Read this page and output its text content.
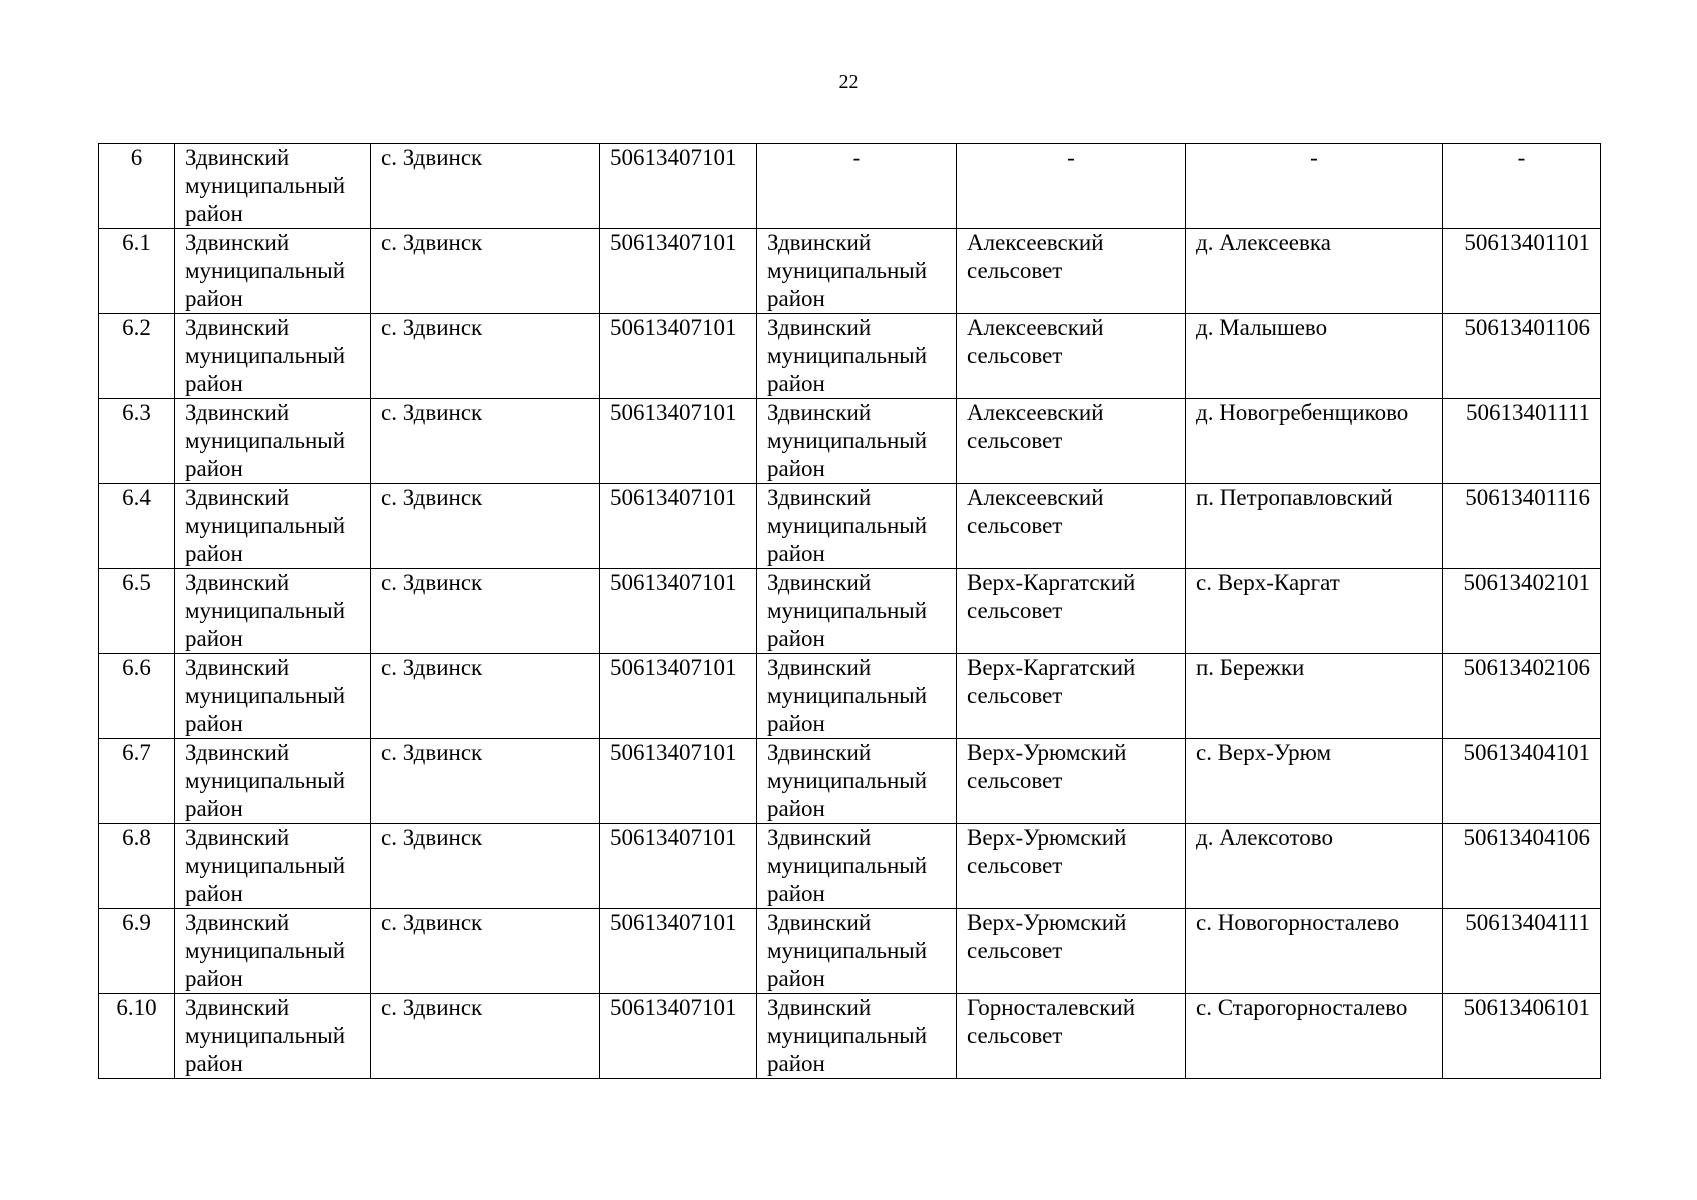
22
6	Здвинский муниципальный район	с. Здвинск	50613407101	-	-	-	-
6.1	Здвинский муниципальный район	с. Здвинск	50613407101	Здвинский муниципальный район	Алексеевский сельсовет	д. Алексеевка	50613401101
6.2	Здвинский муниципальный район	с. Здвинск	50613407101	Здвинский муниципальный район	Алексеевский сельсовет	д. Малышево	50613401106
6.3	Здвинский муниципальный район	с. Здвинск	50613407101	Здвинский муниципальный район	Алексеевский сельсовет	д. Новогребенщиково	50613401111
6.4	Здвинский муниципальный район	с. Здвинск	50613407101	Здвинский муниципальный район	Алексеевский сельсовет	п. Петропавловский	50613401116
6.5	Здвинский муниципальный район	с. Здвинск	50613407101	Здвинский муниципальный район	Верх-Каргатский сельсовет	с. Верх-Каргат	50613402101
6.6	Здвинский муниципальный район	с. Здвинск	50613407101	Здвинский муниципальный район	Верх-Каргатский сельсовет	п. Бережки	50613402106
6.7	Здвинский муниципальный район	с. Здвинск	50613407101	Здвинский муниципальный район	Верх-Урюмский сельсовет	с. Верх-Урюм	50613404101
6.8	Здвинский муниципальный район	с. Здвинск	50613407101	Здвинский муниципальный район	Верх-Урюмский сельсовет	д. Алексотово	50613404106
6.9	Здвинский муниципальный район	с. Здвинск	50613407101	Здвинский муниципальный район	Верх-Урюмский сельсовет	с. Новогорносталево	50613404111
6.10	Здвинский муниципальный район	с. Здвинск	50613407101	Здвинский муниципальный район	Горносталевский сельсовет	с. Старогорносталево	50613406101
